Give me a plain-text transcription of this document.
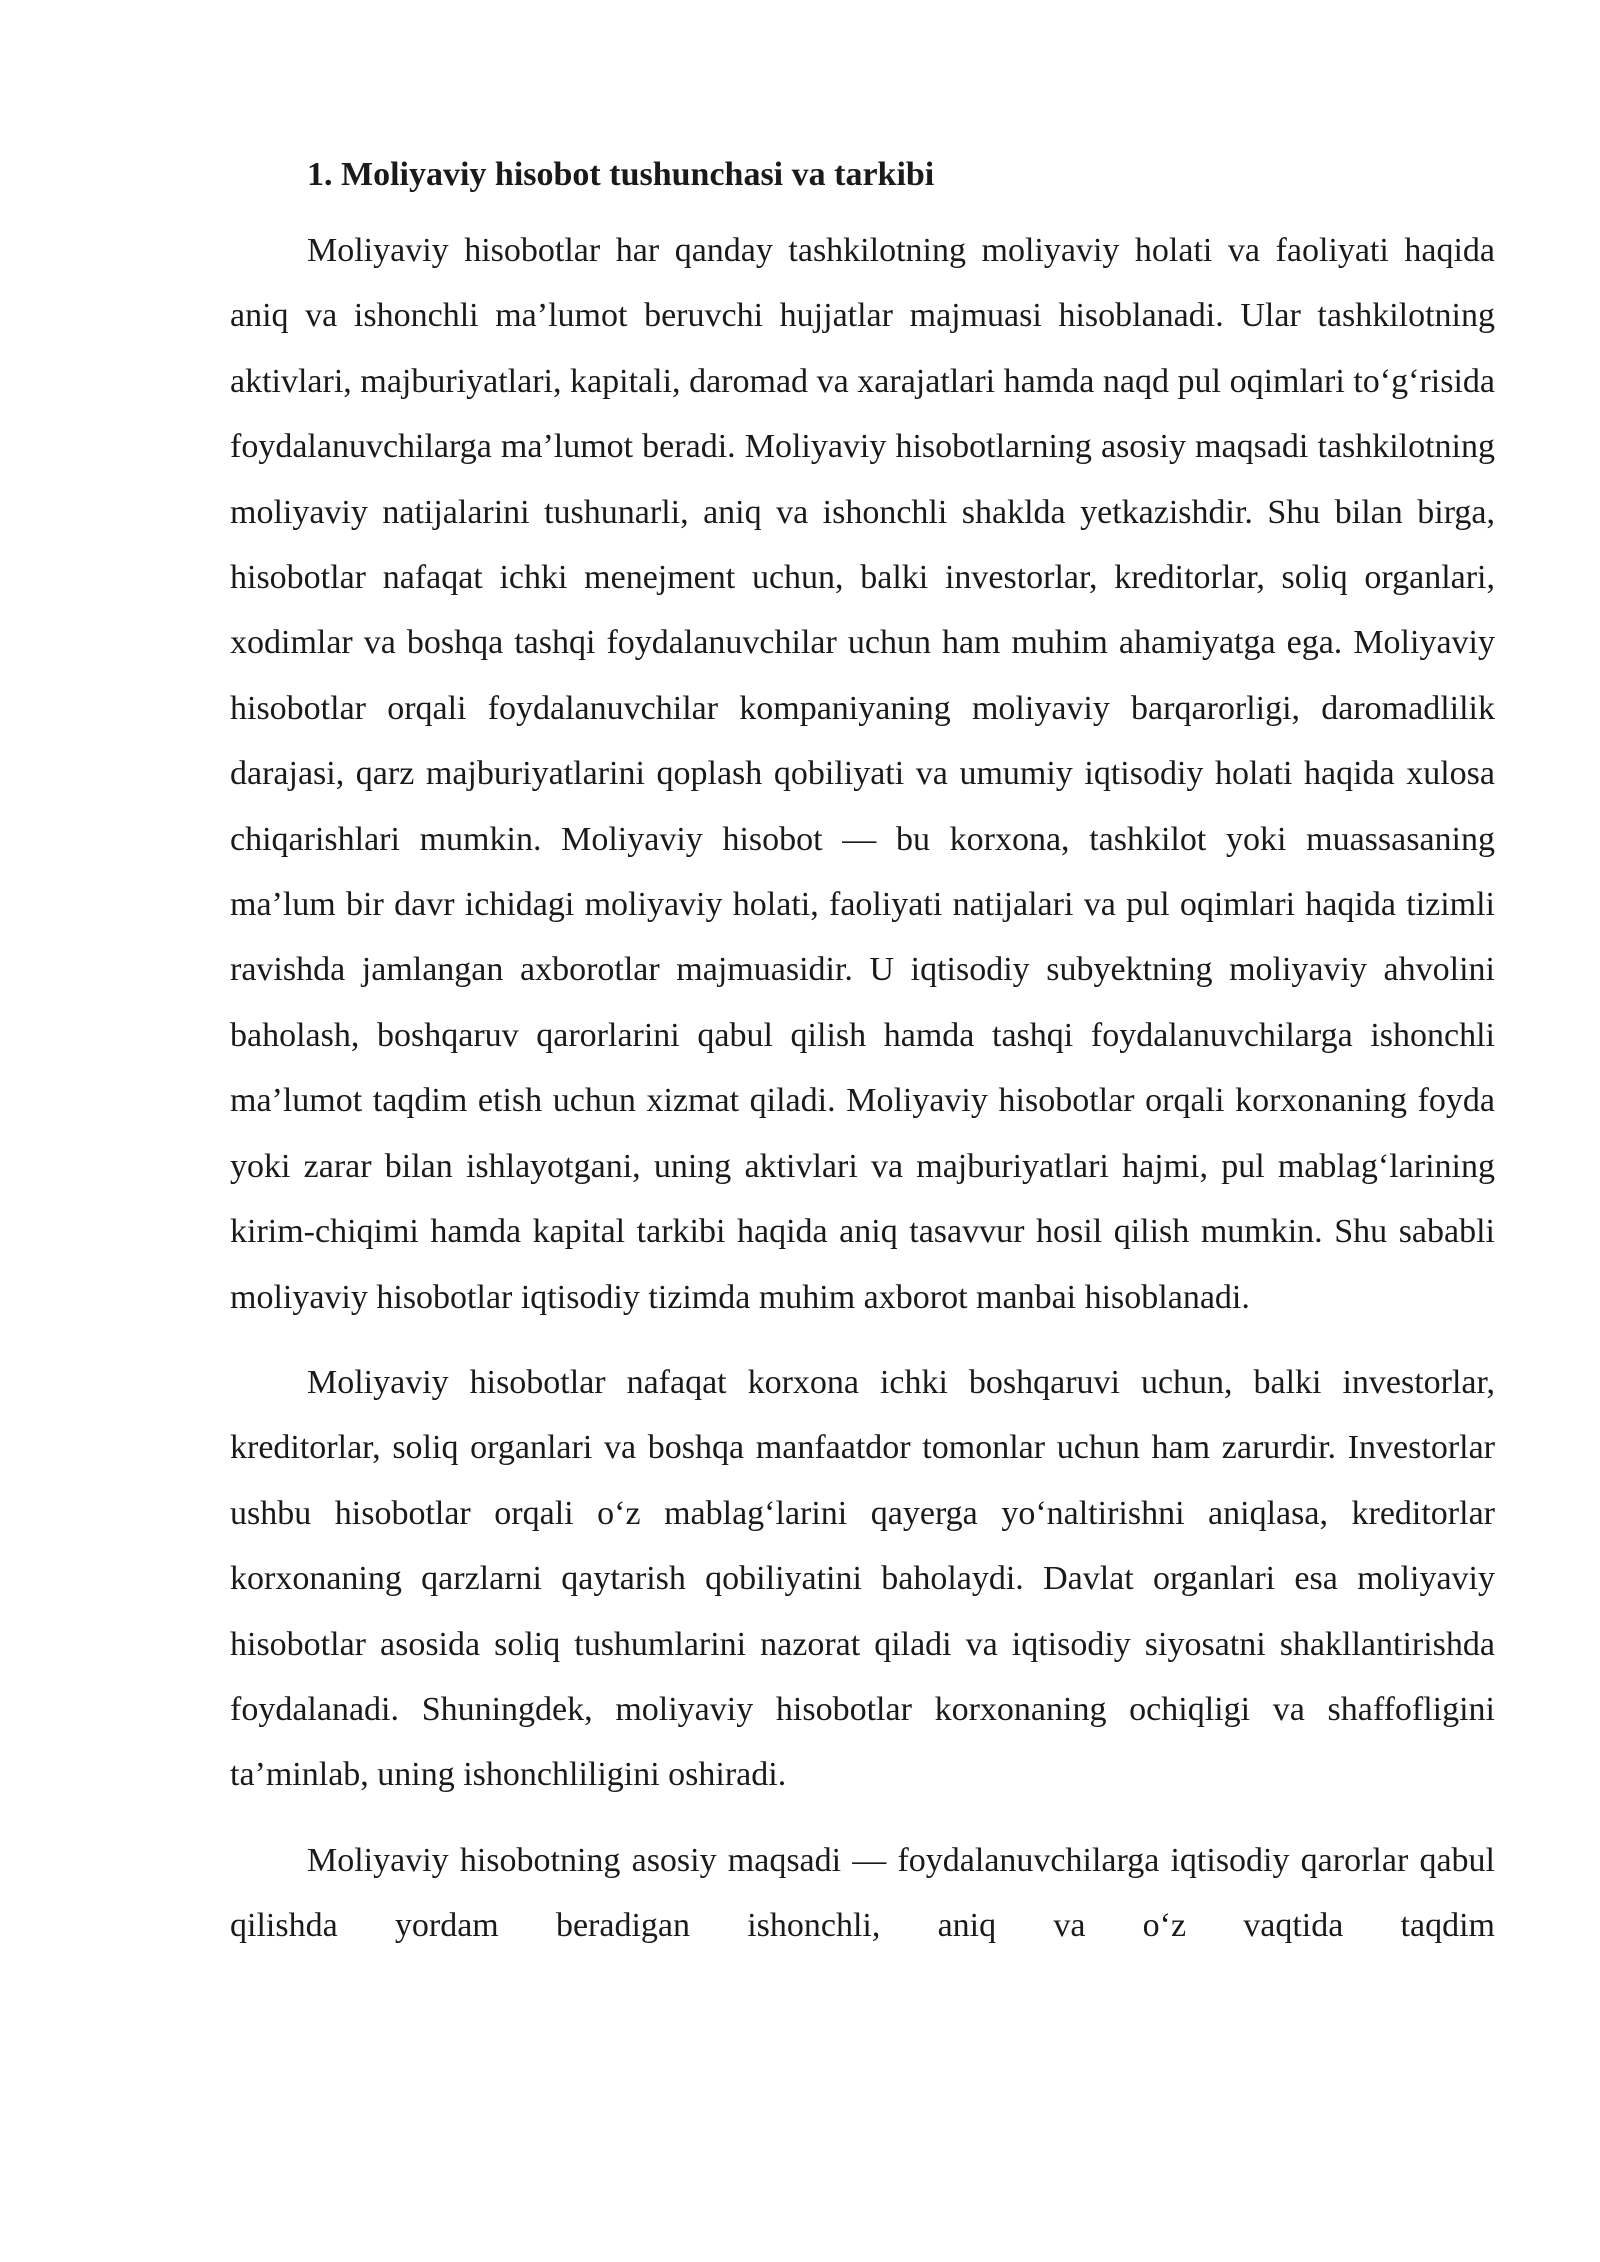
1. Moliyaviy hisobot tushunchasi va tarkibi

Moliyaviy hisobotlar har qanday tashkilotning moliyaviy holati va faoliyati haqida aniq va ishonchli ma’lumot beruvchi hujjatlar majmuasi hisoblanadi. Ular tashkilotning aktivlari, majburiyatlari, kapitali, daromad va xarajatlari hamda naqd pul oqimlari to‘g‘risida foydalanuvchilarga ma’lumot beradi. Moliyaviy hisobotlarning asosiy maqsadi tashkilotning moliyaviy natijalarini tushunarli, aniq va ishonchli shaklda yetkazishdir. Shu bilan birga, hisobotlar nafaqat ichki menejment uchun, balki investorlar, kreditorlar, soliq organlari, xodimlar va boshqa tashqi foydalanuvchilar uchun ham muhim ahamiyatga ega. Moliyaviy hisobotlar orqali foydalanuvchilar kompaniyaning moliyaviy barqarorligi, daromadlilik darajasi, qarz majburiyatlarini qoplash qobiliyati va umumiy iqtisodiy holati haqida xulosa chiqarishlari mumkin. Moliyaviy hisobot — bu korxona, tashkilot yoki muassasaning ma’lum bir davr ichidagi moliyaviy holati, faoliyati natijalari va pul oqimlari haqida tizimli ravishda jamlangan axborotlar majmuasidir. U iqtisodiy subyektning moliyaviy ahvolini baholash, boshqaruv qarorlarini qabul qilish hamda tashqi foydalanuvchilarga ishonchli ma’lumot taqdim etish uchun xizmat qiladi. Moliyaviy hisobotlar orqali korxonaning foyda yoki zarar bilan ishlayotgani, uning aktivlari va majburiyatlari hajmi, pul mablag‘larining kirim-chiqimi hamda kapital tarkibi haqida aniq tasavvur hosil qilish mumkin. Shu sababli moliyaviy hisobotlar iqtisodiy tizimda muhim axborot manbai hisoblanadi.

Moliyaviy hisobotlar nafaqat korxona ichki boshqaruvi uchun, balki investorlar, kreditorlar, soliq organlari va boshqa manfaatdor tomonlar uchun ham zarurdir. Investorlar ushbu hisobotlar orqali o‘z mablag‘larini qayerga yo‘naltirishni aniqlasa, kreditorlar korxonaning qarzlarni qaytarish qobiliyatini baholaydi. Davlat organlari esa moliyaviy hisobotlar asosida soliq tushumlarini nazorat qiladi va iqtisodiy siyosatni shakllantirishda foydalanadi. Shuningdek, moliyaviy hisobotlar korxonaning ochiqligi va shaffofligini ta’minlab, uning ishonchliligini oshiradi.

Moliyaviy hisobotning asosiy maqsadi — foydalanuvchilarga iqtisodiy qarorlar qabul qilishda yordam beradigan ishonchli, aniq va o‘z vaqtida taqdim
